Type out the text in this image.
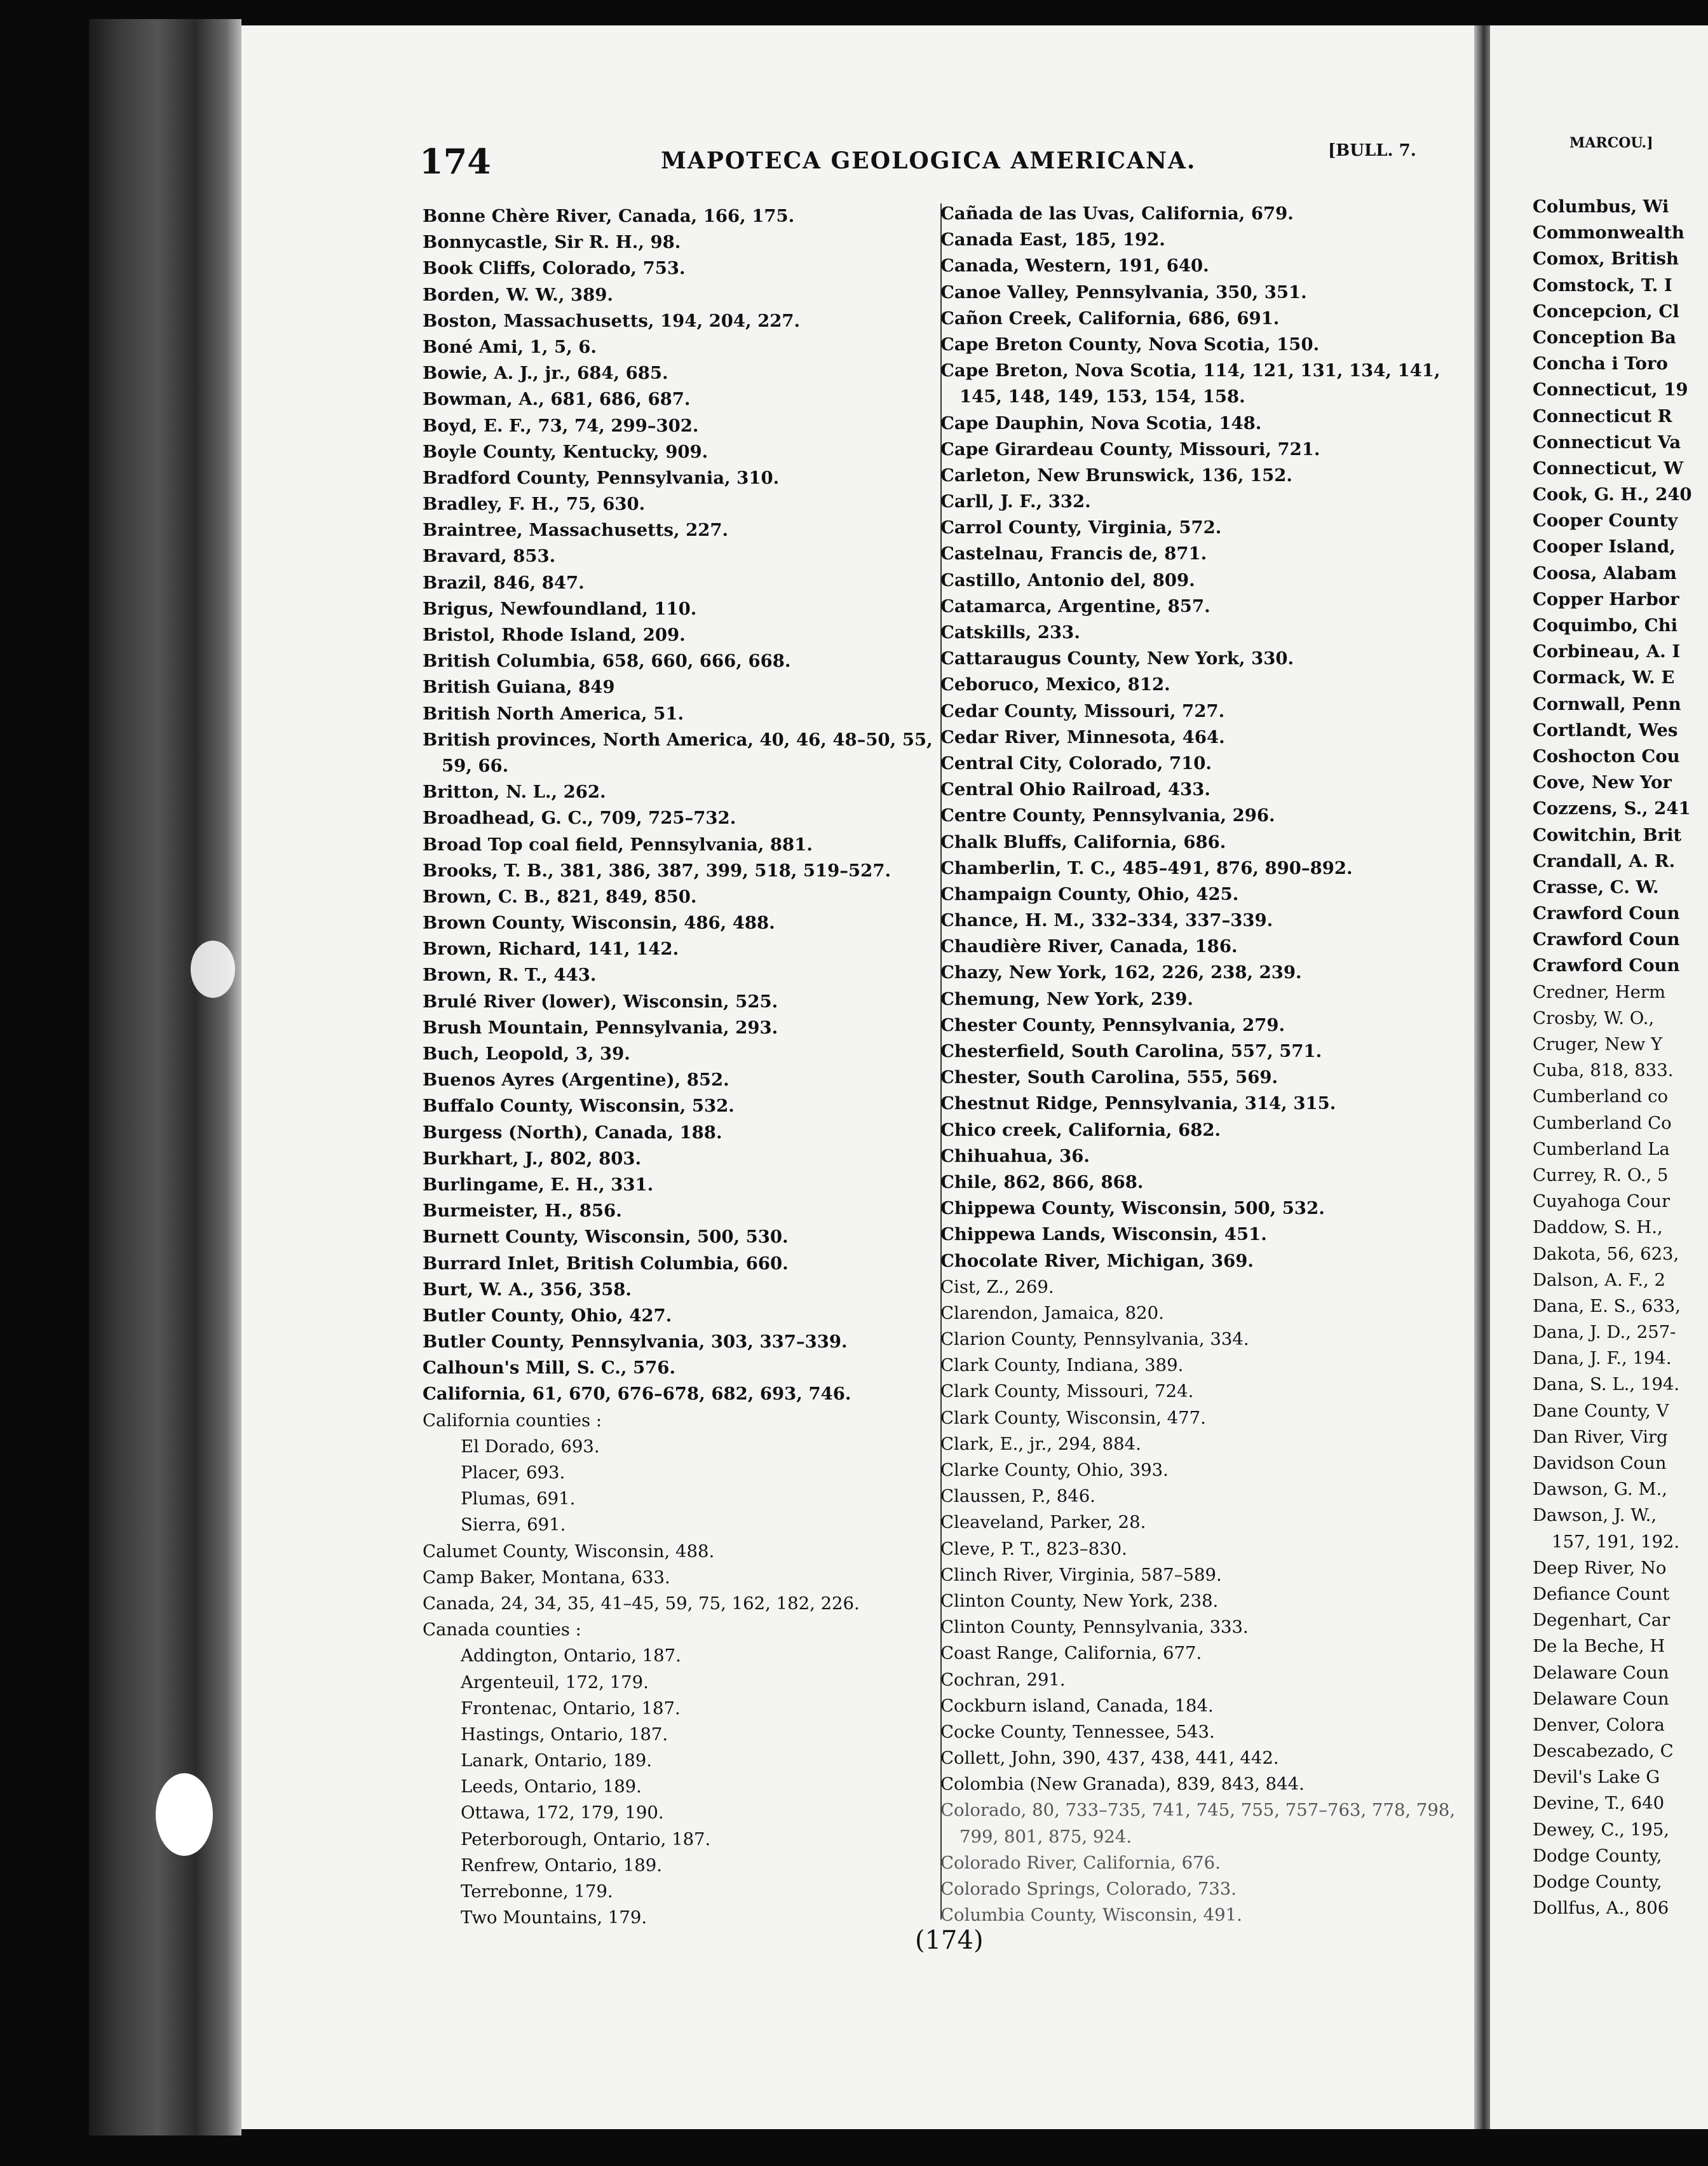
174	MAPOTECA GEOLOGICA AMERICANA.	[BULL. 7.
Bonne Chère River, Canada, 166, 175.
Bonnycastle, Sir R. H., 98.
Book Cliffs, Colorado, 753.
Borden, W. W., 389.
Boston, Massachusetts, 194, 204, 227.
Boné Ami, 1, 5, 6.
Bowie, A. J., jr., 684, 685.
Bowman, A., 681, 686, 687.
Boyd, E. F., 73, 74, 299–302.
Boyle County, Kentucky, 909.
Bradford County, Pennsylvania, 310.
Bradley, F. H., 75, 630.
Braintree, Massachusetts, 227.
Bravard, 853.
Brazil, 846, 847.
Brigus, Newfoundland, 110.
Bristol, Rhode Island, 209.
British Columbia, 658, 660, 666, 668.
British Guiana, 849
British North America, 51.
British provinces, North America, 40, 46, 48–50, 55,
59, 66.
Britton, N. L., 262.
Broadhead, G. C., 709, 725–732.
Broad Top coal field, Pennsylvania, 881.
Brooks, T. B., 381, 386, 387, 399, 518, 519–527.
Brown, C. B., 821, 849, 850.
Brown County, Wisconsin, 486, 488.
Brown, Richard, 141, 142.
Brown, R. T., 443.
Brulé River (lower), Wisconsin, 525.
Brush Mountain, Pennsylvania, 293.
Buch, Leopold, 3, 39.
Buenos Ayres (Argentine), 852.
Buffalo County, Wisconsin, 532.
Burgess (North), Canada, 188.
Burkhart, J., 802, 803.
Burlingame, E. H., 331.
Burmeister, H., 856.
Burnett County, Wisconsin, 500, 530.
Burrard Inlet, British Columbia, 660.
Burt, W. A., 356, 358.
Butler County, Ohio, 427.
Butler County, Pennsylvania, 303, 337–339.
Calhoun's Mill, S. C., 576.
California, 61, 670, 676–678, 682, 693, 746.
California counties :
El Dorado, 693.
Placer, 693.
Plumas, 691.
Sierra, 691.
Calumet County, Wisconsin, 488.
Camp Baker, Montana, 633.
Canada, 24, 34, 35, 41–45, 59, 75, 162, 182, 226.
Canada counties :
Addington, Ontario, 187.
Argenteuil, 172, 179.
Frontenac, Ontario, 187.
Hastings, Ontario, 187.
Lanark, Ontario, 189.
Leeds, Ontario, 189.
Ottawa, 172, 179, 190.
Peterborough, Ontario, 187.
Renfrew, Ontario, 189.
Terrebonne, 179.
Two Mountains, 179.
Cañada de las Uvas, California, 679.
Canada East, 185, 192.
Canada, Western, 191, 640.
Canoe Valley, Pennsylvania, 350, 351.
Cañon Creek, California, 686, 691.
Cape Breton County, Nova Scotia, 150.
Cape Breton, Nova Scotia, 114, 121, 131, 134, 141,
145, 148, 149, 153, 154, 158.
Cape Dauphin, Nova Scotia, 148.
Cape Girardeau County, Missouri, 721.
Carleton, New Brunswick, 136, 152.
Carll, J. F., 332.
Carrol County, Virginia, 572.
Castelnau, Francis de, 871.
Castillo, Antonio del, 809.
Catamarca, Argentine, 857.
Catskills, 233.
Cattaraugus County, New York, 330.
Ceboruco, Mexico, 812.
Cedar County, Missouri, 727.
Cedar River, Minnesota, 464.
Central City, Colorado, 710.
Central Ohio Railroad, 433.
Centre County, Pennsylvania, 296.
Chalk Bluffs, California, 686.
Chamberlin, T. C., 485–491, 876, 890–892.
Champaign County, Ohio, 425.
Chance, H. M., 332–334, 337–339.
Chaudière River, Canada, 186.
Chazy, New York, 162, 226, 238, 239.
Chemung, New York, 239.
Chester County, Pennsylvania, 279.
Chesterfield, South Carolina, 557, 571.
Chester, South Carolina, 555, 569.
Chestnut Ridge, Pennsylvania, 314, 315.
Chico creek, California, 682.
Chihuahua, 36.
Chile, 862, 866, 868.
Chippewa County, Wisconsin, 500, 532.
Chippewa Lands, Wisconsin, 451.
Chocolate River, Michigan, 369.
Cist, Z., 269.
Clarendon, Jamaica, 820.
Clarion County, Pennsylvania, 334.
Clark County, Indiana, 389.
Clark County, Missouri, 724.
Clark County, Wisconsin, 477.
Clark, E., jr., 294, 884.
Clarke County, Ohio, 393.
Claussen, P., 846.
Cleaveland, Parker, 28.
Cleve, P. T., 823–830.
Clinch River, Virginia, 587–589.
Clinton County, New York, 238.
Clinton County, Pennsylvania, 333.
Coast Range, California, 677.
Cochran, 291.
Cockburn island, Canada, 184.
Cocke County, Tennessee, 543.
Collett, John, 390, 437, 438, 441, 442.
Colombia (New Granada), 839, 843, 844.
Colorado, 80, 733–735, 741, 745, 755, 757–763, 778, 798,
799, 801, 875, 924.
Colorado River, California, 676.
Colorado Springs, Colorado, 733.
Columbia County, Wisconsin, 491.
(174)
MARCOU.]
Columbus, Wi
Commonwealth
Comox, British
Comstock, T. I
Concepcion, Cl
Conception Ba
Concha i Toro
Connecticut, 19
Connecticut R
Connecticut Va
Connecticut, W
Cook, G. H., 240
Cooper County
Cooper Island,
Coosa, Alabam
Copper Harbor
Coquimbo, Chi
Corbineau, A. I
Cormack, W. E
Cornwall, Penn
Cortlandt, Wes
Coshocton Cou
Cove, New Yor
Cozzens, S., 241
Cowitchin, Brit
Crandall, A. R.
Crasse, C. W.
Crawford Coun
Crawford Coun
Crawford Coun
Credner, Herm
Crosby, W. O.,
Cruger, New Y
Cuba, 818, 833.
Cumberland co
Cumberland Co
Cumberland La
Currey, R. O., 5
Cuyahoga Cour
Daddow, S. H.,
Dakota, 56, 623,
Dalson, A. F., 2
Dana, E. S., 633,
Dana, J. D., 257-
Dana, J. F., 194.
Dana, S. L., 194.
Dane County, V
Dan River, Virg
Davidson Coun
Dawson, G. M.,
Dawson, J. W.,
157, 191, 192.
Deep River, No
Defiance Count
Degenhart, Car
De la Beche, H
Delaware Coun
Delaware Coun
Denver, Colora
Descabezado, C
Devil's Lake G
Devine, T., 640
Dewey, C., 195,
Dodge County,
Dodge County,
Dollfus, A., 806
